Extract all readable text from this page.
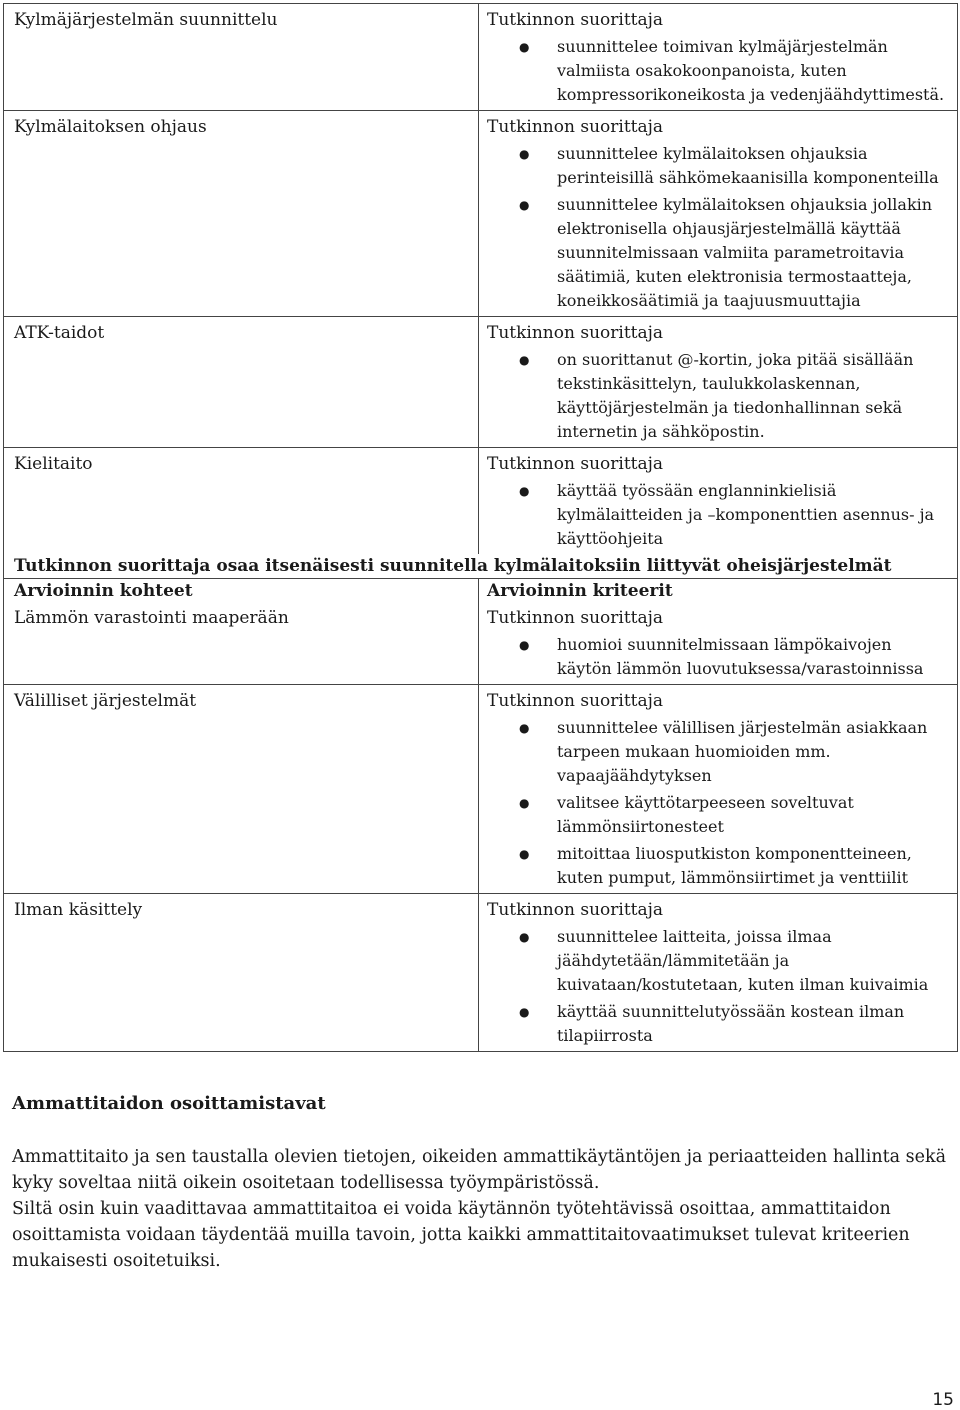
Kylmäjärjestelmän suunnittelu	Tutkinnon suorittaja
● suunnittelee toimivan kylmäjärjestelmän valmiista osakokoonpanoista, kuten kompressorikoneikosta ja vedenjäähdyttimestä.
Kylmälaitoksen ohjaus	Tutkinnon suorittaja
● suunnittelee kylmälaitoksen ohjauksia perinteisillä sähkömekaanisilla komponenteilla
● suunnittelee kylmälaitoksen ohjauksia jollakin elektronisella ohjausjärjestelmällä käyttää suunnitelmissaan valmiita parametroitavia säätimiä, kuten elektronisia termostaatteja, koneikkosäätimiä ja taajuusmuuttajia
ATK-taidot	Tutkinnon suorittaja
● on suorittanut @-kortin, joka pitää sisällään tekstinkäsittelyn, taulukkolaskennan, käyttöjärjestelmän ja tiedonhallinnan sekä internetin ja sähköpostin.
Kielitaito	Tutkinnon suorittaja
● käyttää työssään englanninkielisiä kylmälaitteiden ja –komponenttien asennus- ja käyttöohjeita
Tutkinnon suorittaja osaa itsenäisesti suunnitella kylmälaitoksiin liittyvät oheisjärjestelmät
Arvioinnin kohteet	Arvioinnin kriteerit
Lämmön varastointi maaperään	Tutkinnon suorittaja
● huomioi suunnitelmissaan lämpökaivojen käytön lämmön luovutuksessa/varastoinnissa
Välilliset järjestelmät	Tutkinnon suorittaja
● suunnittelee välillisen järjestelmän asiakkaan tarpeen mukaan huomioiden mm. vapaajäähdytyksen
● valitsee käyttötarpeeseen soveltuvat lämmönsiirtonesteet
● mitoittaa liuosputkiston komponentteineen, kuten pumput, lämmönsiirtimet ja venttiilit
Ilman käsittely	Tutkinnon suorittaja
● suunnittelee laitteita, joissa ilmaa jäähdytetään/lämmitetään ja kuivataan/kostutetaan, kuten ilman kuivaimia
● käyttää suunnittelutyössään kostean ilman tilapiirrosta
Ammattitaidon osoittamistavat
Ammattitaito ja sen taustalla olevien tietojen, oikeiden ammattikäytäntöjen ja periaatteiden hallinta sekä kyky soveltaa niitä oikein osoitetaan todellisessa työympäristössä.
Siltä osin kuin vaadittavaa ammattitaitoa ei voida käytännön työtehtävissä osoittaa, ammattitaidon osoittamista voidaan täydentää muilla tavoin, jotta kaikki ammattitaitovaatimukset tulevat kriteerien mukaisesti osoitetuiksi.
15
